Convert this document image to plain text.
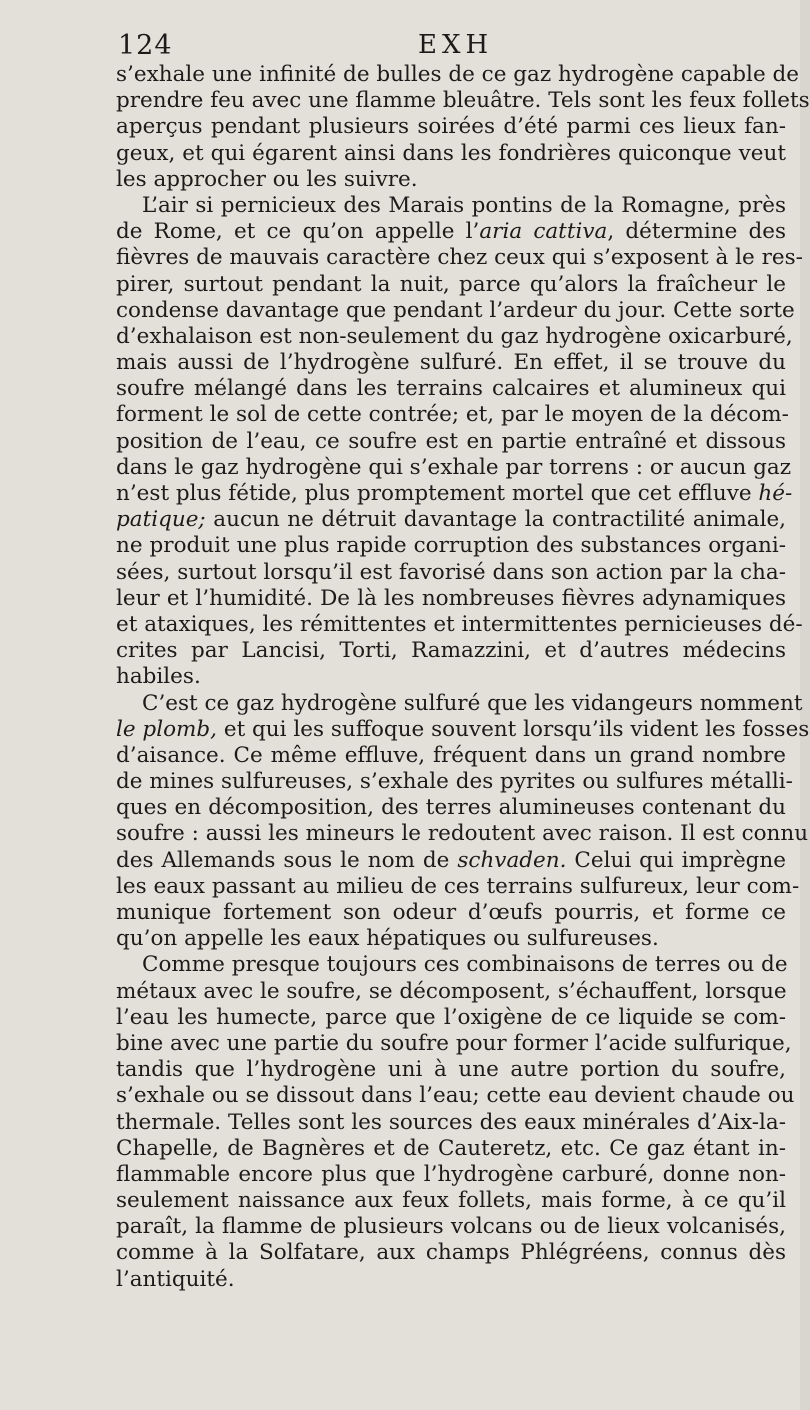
124	EXH
s’exhale une infinité de bulles de ce gaz hydrogène capable de
prendre feu avec une flamme bleuâtre. Tels sont les feux follets
aperçus pendant plusieurs soirées d’été parmi ces lieux fan-
geux, et qui égarent ainsi dans les fondrières quiconque veut
les approcher ou les suivre.
L’air si pernicieux des Marais pontins de la Romagne, près
de Rome, et ce qu’on appelle l’aria cattiva, détermine des
fièvres de mauvais caractère chez ceux qui s’exposent à le res-
pirer, surtout pendant la nuit, parce qu’alors la fraîcheur le
condense davantage que pendant l’ardeur du jour. Cette sorte
d’exhalaison est non-seulement du gaz hydrogène oxicarburé,
mais aussi de l’hydrogène sulfuré. En effet, il se trouve du
soufre mélangé dans les terrains calcaires et alumineux qui
forment le sol de cette contrée; et, par le moyen de la décom-
position de l’eau, ce soufre est en partie entraîné et dissous
dans le gaz hydrogène qui s’exhale par torrens : or aucun gaz
n’est plus fétide, plus promptement mortel que cet effluve hé-
patique; aucun ne détruit davantage la contractilité animale,
ne produit une plus rapide corruption des substances organi-
sées, surtout lorsqu’il est favorisé dans son action par la cha-
leur et l’humidité. De là les nombreuses fièvres adynamiques
et ataxiques, les rémittentes et intermittentes pernicieuses dé-
crites par Lancisi, Torti, Ramazzini, et d’autres médecins
habiles.
C’est ce gaz hydrogène sulfuré que les vidangeurs nomment
le plomb, et qui les suffoque souvent lorsqu’ils vident les fosses
d’aisance. Ce même effluve, fréquent dans un grand nombre
de mines sulfureuses, s’exhale des pyrites ou sulfures métalli-
ques en décomposition, des terres alumineuses contenant du
soufre : aussi les mineurs le redoutent avec raison. Il est connu
des Allemands sous le nom de schvaden. Celui qui imprègne
les eaux passant au milieu de ces terrains sulfureux, leur com-
munique fortement son odeur d’œufs pourris, et forme ce
qu’on appelle les eaux hépatiques ou sulfureuses.
Comme presque toujours ces combinaisons de terres ou de
métaux avec le soufre, se décomposent, s’échauffent, lorsque
l’eau les humecte, parce que l’oxigène de ce liquide se com-
bine avec une partie du soufre pour former l’acide sulfurique,
tandis que l’hydrogène uni à une autre portion du soufre,
s’exhale ou se dissout dans l’eau; cette eau devient chaude ou
thermale. Telles sont les sources des eaux minérales d’Aix-la-
Chapelle, de Bagnères et de Cauteretz, etc. Ce gaz étant in-
flammable encore plus que l’hydrogène carburé, donne non-
seulement naissance aux feux follets, mais forme, à ce qu’il
paraît, la flamme de plusieurs volcans ou de lieux volcanisés,
comme à la Solfatare, aux champs Phlégréens, connus dès
l’antiquité.
